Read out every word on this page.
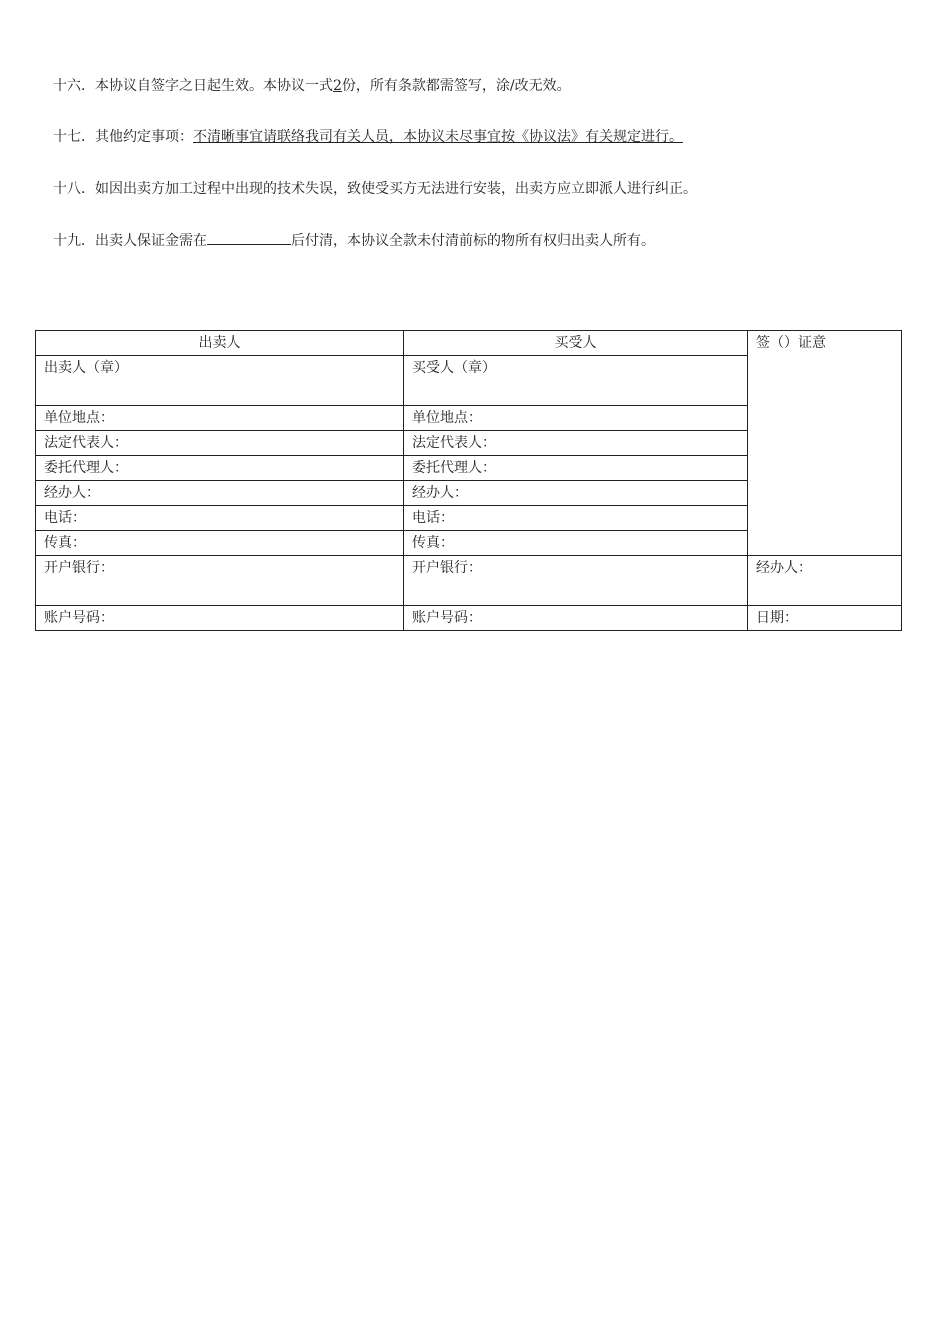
十六．本协议自签字之日起生效。本协议一式2份，所有条款都需签写，涂/改无效。

十七．其他约定事项：不清晰事宜请联络我司有关人员，本协议未尽事宜按《协议法》有关规定进行。

十八．如因出卖方加工过程中出现的技术失误，致使受买方无法进行安装，出卖方应立即派人进行纠正。

十九．出卖人保证金需在	后付清，本协议全款未付清前标的物所有权归出卖人所有。

出卖人	买受人	签（）证意	
出卖人（章）	买受人（章）		
单位地点：	单位地点：		
法定代表人：	法定代表人：		
委托代理人：	委托代理人：		
经办人：	经办人：		
电话：	电话：		
传真：	传真：	
开户银行：	开户银行：	经办人：	
账户号码：	账户号码：	日期：	
